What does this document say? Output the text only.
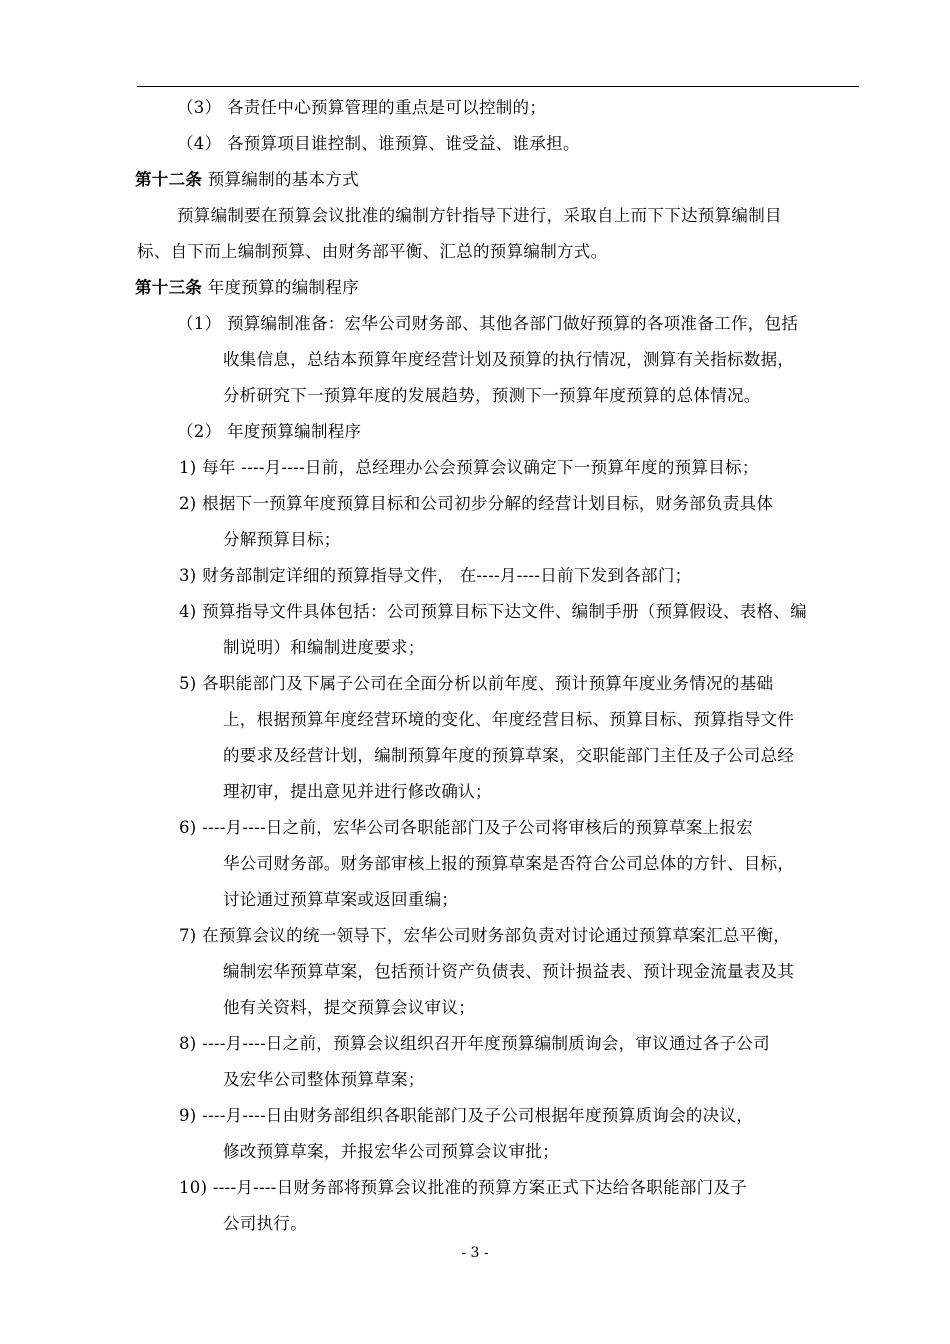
（3） 各责任中心预算管理的重点是可以控制的；
（4） 各预算项目谁控制、谁预算、谁受益、谁承担。
第十二条 预算编制的基本方式
预算编制要在预算会议批准的编制方针指导下进行，采取自上而下下达预算编制目
标、自下而上编制预算、由财务部平衡、汇总的预算编制方式。
第十三条 年度预算的编制程序
（1） 预算编制准备：宏华公司财务部、其他各部门做好预算的各项准备工作，包括
收集信息，总结本预算年度经营计划及预算的执行情况，测算有关指标数据，
分析研究下一预算年度的发展趋势，预测下一预算年度预算的总体情况。
（2） 年度预算编制程序
1) 每年 ----月----日前，总经理办公会预算会议确定下一预算年度的预算目标；
2) 根据下一预算年度预算目标和公司初步分解的经营计划目标，财务部负责具体
分解预算目标；
3) 财务部制定详细的预算指导文件， 在----月----日前下发到各部门；
4) 预算指导文件具体包括：公司预算目标下达文件、编制手册（预算假设、表格、编
制说明）和编制进度要求；
5) 各职能部门及下属子公司在全面分析以前年度、预计预算年度业务情况的基础
上，根据预算年度经营环境的变化、年度经营目标、预算目标、预算指导文件
的要求及经营计划，编制预算年度的预算草案，交职能部门主任及子公司总经
理初审，提出意见并进行修改确认；
6) ----月----日之前，宏华公司各职能部门及子公司将审核后的预算草案上报宏
华公司财务部。财务部审核上报的预算草案是否符合公司总体的方针、目标，
讨论通过预算草案或返回重编；
7) 在预算会议的统一领导下，宏华公司财务部负责对讨论通过预算草案汇总平衡，
编制宏华预算草案，包括预计资产负债表、预计损益表、预计现金流量表及其
他有关资料，提交预算会议审议；
8) ----月----日之前，预算会议组织召开年度预算编制质询会，审议通过各子公司
及宏华公司整体预算草案；
9) ----月----日由财务部组织各职能部门及子公司根据年度预算质询会的决议，
修改预算草案，并报宏华公司预算会议审批；
10) ----月----日财务部将预算会议批准的预算方案正式下达给各职能部门及子
公司执行。
- 3 -
